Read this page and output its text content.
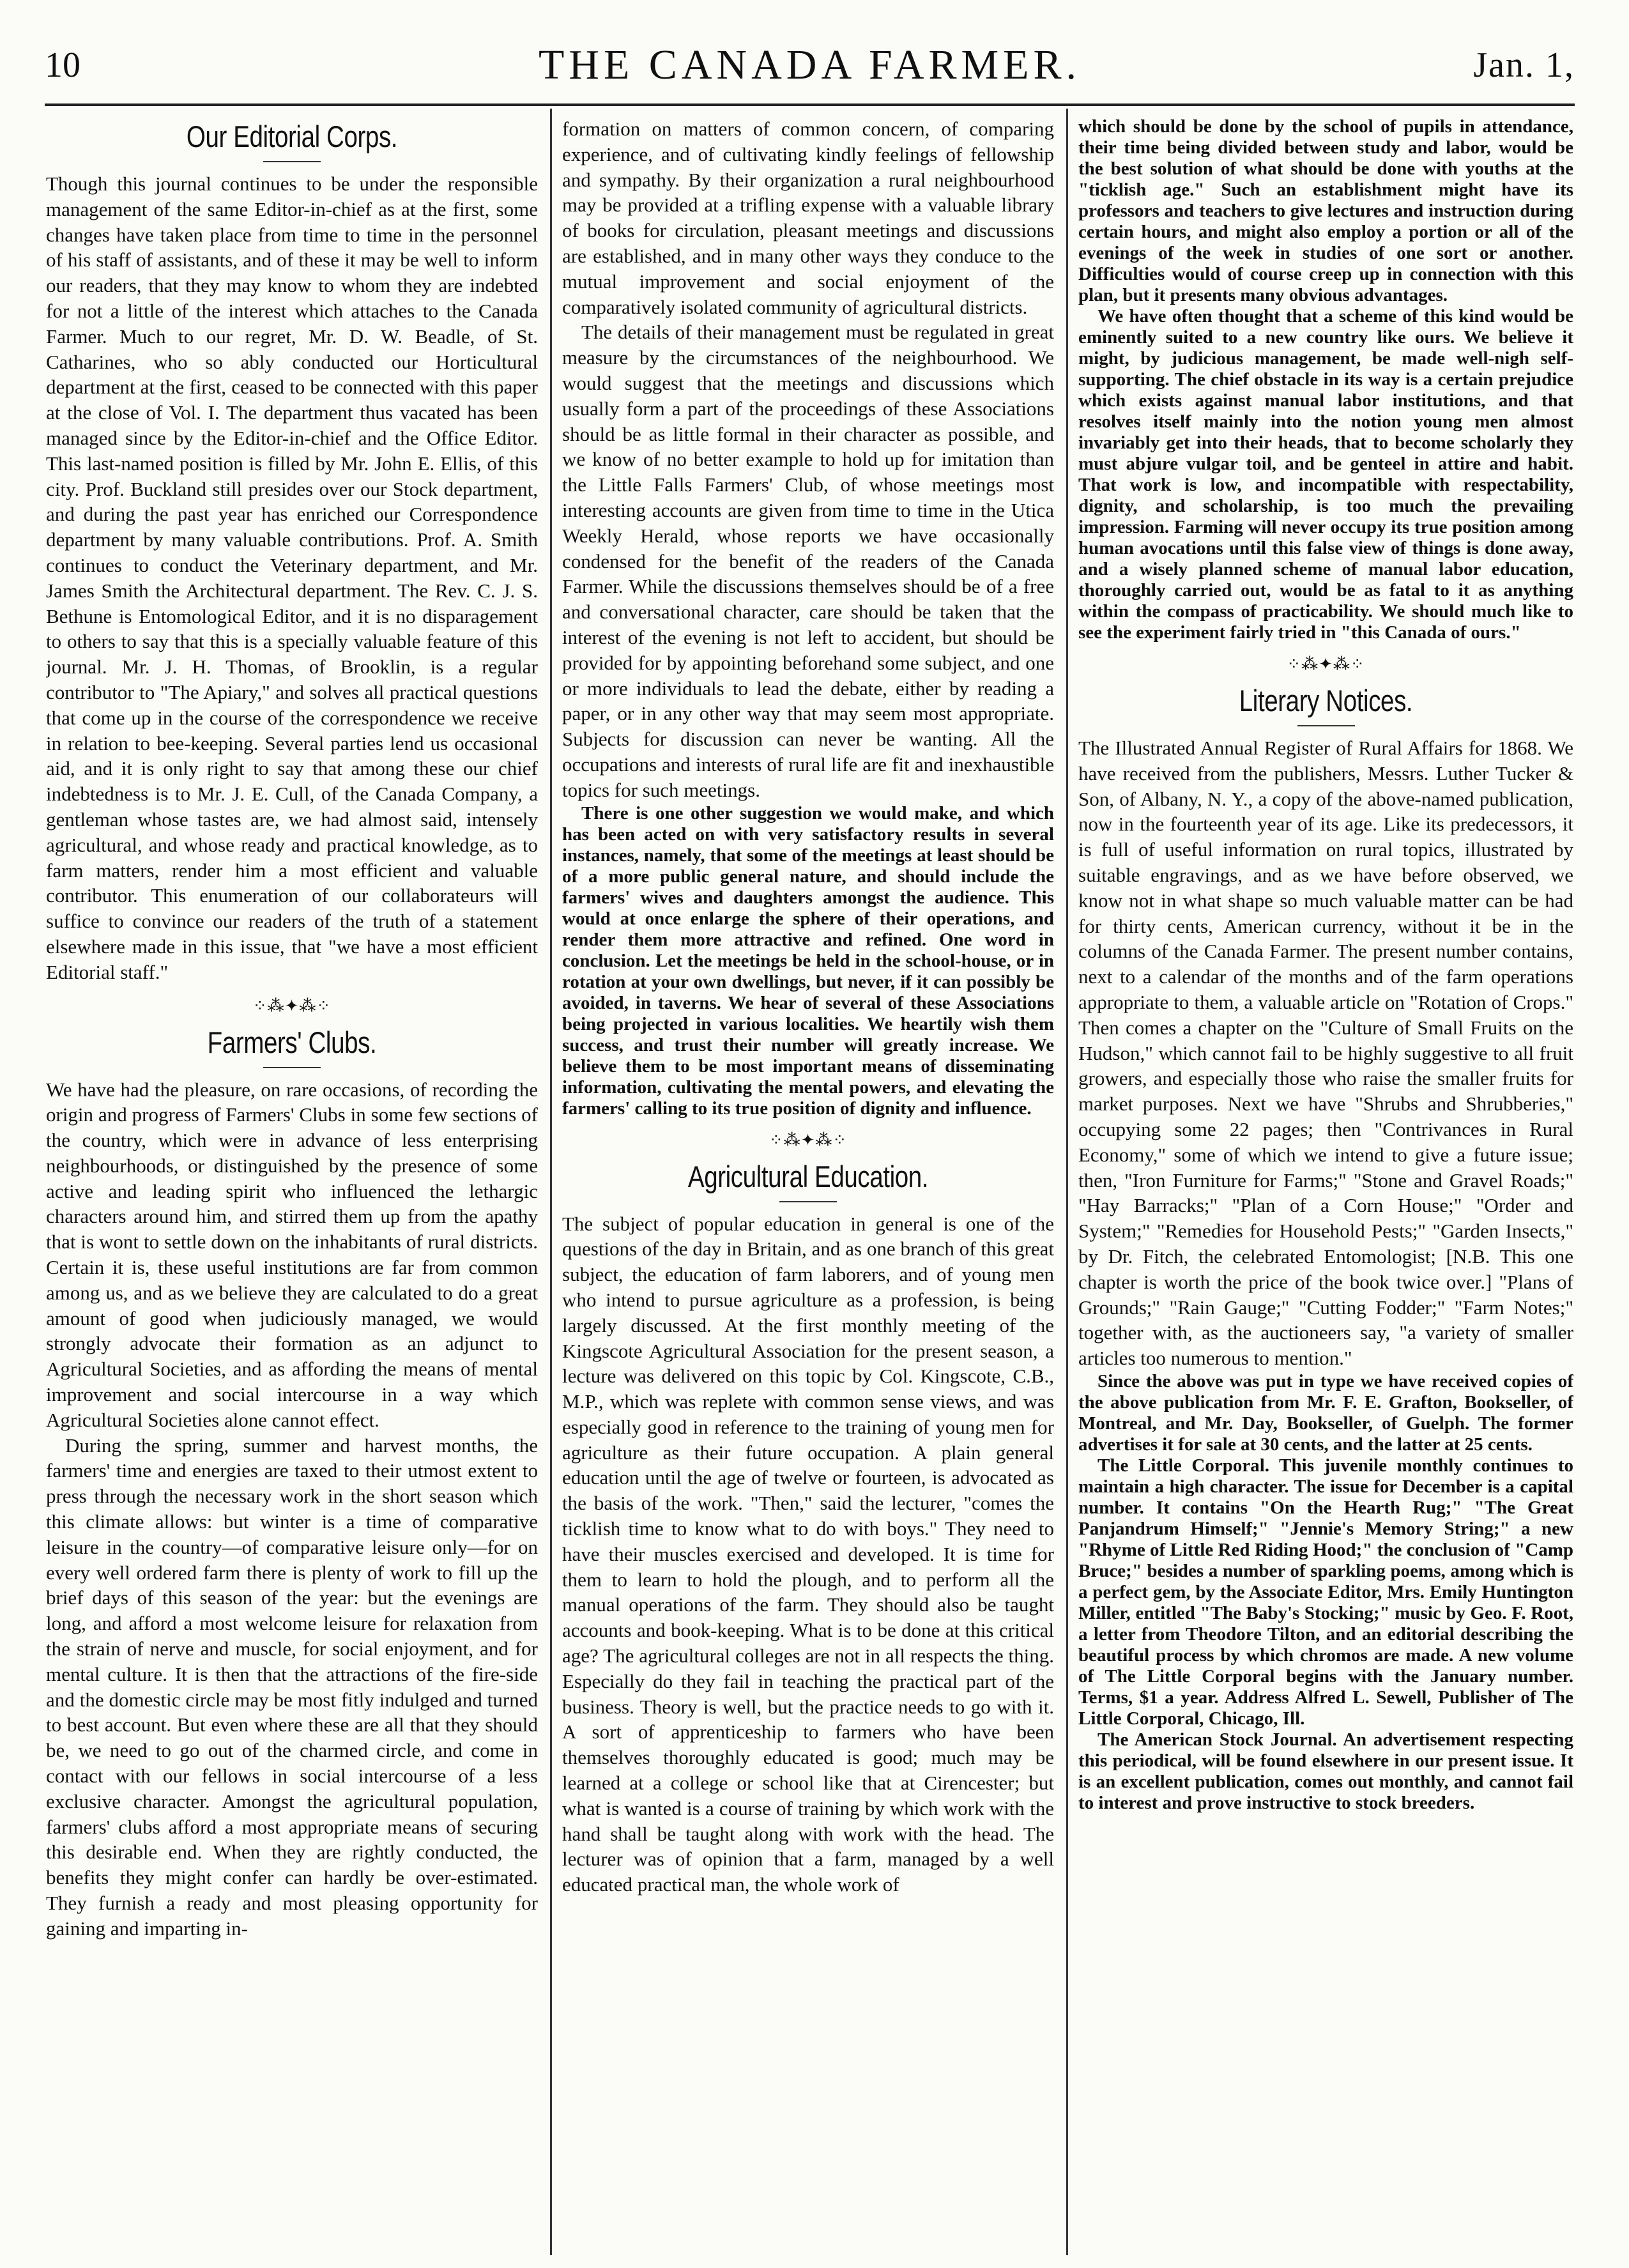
10	THE CANADA FARMER.	Jan. 1,
Our Editorial Corps.

Though this journal continues to be under the responsible management of the same Editor-in-chief as at the first, some changes have taken place from time to time in the personnel of his staff of assistants, and of these it may be well to inform our readers, that they may know to whom they are indebted for not a little of the interest which attaches to the Canada Farmer. Much to our regret, Mr. D. W. Beadle, of St. Catharines, who so ably conducted our Horticultural department at the first, ceased to be connected with this paper at the close of Vol. I. The department thus vacated has been managed since by the Editor-in-chief and the Office Editor. This last-named position is filled by Mr. John E. Ellis, of this city. Prof. Buckland still presides over our Stock department, and during the past year has enriched our Correspondence department by many valuable contributions. Prof. A. Smith continues to conduct the Veterinary department, and Mr. James Smith the Architectural department. The Rev. C. J. S. Bethune is Entomological Editor, and it is no disparagement to others to say that this is a specially valuable feature of this journal. Mr. J. H. Thomas, of Brooklin, is a regular contributor to "The Apiary," and solves all practical questions that come up in the course of the correspondence we receive in relation to bee-keeping. Several parties lend us occasional aid, and it is only right to say that among these our chief indebtedness is to Mr. J. E. Cull, of the Canada Company, a gentleman whose tastes are, we had almost said, intensely agricultural, and whose ready and practical knowledge, as to farm matters, render him a most efficient and valuable contributor. This enumeration of our collaborateurs will suffice to convince our readers of the truth of a statement elsewhere made in this issue, that "we have a most efficient Editorial staff."

⁘⁂✦⁂⁘
Farmers' Clubs.

We have had the pleasure, on rare occasions, of recording the origin and progress of Farmers' Clubs in some few sections of the country, which were in advance of less enterprising neighbourhoods, or distinguished by the presence of some active and leading spirit who influenced the lethargic characters around him, and stirred them up from the apathy that is wont to settle down on the inhabitants of rural districts. Certain it is, these useful institutions are far from common among us, and as we believe they are calculated to do a great amount of good when judiciously managed, we would strongly advocate their formation as an adjunct to Agricultural Societies, and as affording the means of mental improvement and social intercourse in a way which Agricultural Societies alone cannot effect.

During the spring, summer and harvest months, the farmers' time and energies are taxed to their utmost extent to press through the necessary work in the short season which this climate allows: but winter is a time of comparative leisure in the country—of comparative leisure only—for on every well ordered farm there is plenty of work to fill up the brief days of this season of the year: but the evenings are long, and afford a most welcome leisure for relaxation from the strain of nerve and muscle, for social enjoyment, and for mental culture. It is then that the attractions of the fire-side and the domestic circle may be most fitly indulged and turned to best account. But even where these are all that they should be, we need to go out of the charmed circle, and come in contact with our fellows in social intercourse of a less exclusive character. Amongst the agricultural population, farmers' clubs afford a most appropriate means of securing this desirable end. When they are rightly conducted, the benefits they might confer can hardly be over-estimated. They furnish a ready and most pleasing opportunity for gaining and imparting in-

formation on matters of common concern, of comparing experience, and of cultivating kindly feelings of fellowship and sympathy. By their organization a rural neighbourhood may be provided at a trifling expense with a valuable library of books for circulation, pleasant meetings and discussions are established, and in many other ways they conduce to the mutual improvement and social enjoyment of the comparatively isolated community of agricultural districts.

The details of their management must be regulated in great measure by the circumstances of the neighbourhood. We would suggest that the meetings and discussions which usually form a part of the proceedings of these Associations should be as little formal in their character as possible, and we know of no better example to hold up for imitation than the Little Falls Farmers' Club, of whose meetings most interesting accounts are given from time to time in the Utica Weekly Herald, whose reports we have occasionally condensed for the benefit of the readers of the Canada Farmer. While the discussions themselves should be of a free and conversational character, care should be taken that the interest of the evening is not left to accident, but should be provided for by appointing beforehand some subject, and one or more individuals to lead the debate, either by reading a paper, or in any other way that may seem most appropriate. Subjects for discussion can never be wanting. All the occupations and interests of rural life are fit and inexhaustible topics for such meetings.

There is one other suggestion we would make, and which has been acted on with very satisfactory results in several instances, namely, that some of the meetings at least should be of a more public general nature, and should include the farmers' wives and daughters amongst the audience. This would at once enlarge the sphere of their operations, and render them more attractive and refined. One word in conclusion. Let the meetings be held in the school-house, or in rotation at your own dwellings, but never, if it can possibly be avoided, in taverns. We hear of several of these Associations being projected in various localities. We heartily wish them success, and trust their number will greatly increase. We believe them to be most important means of disseminating information, cultivating the mental powers, and elevating the farmers' calling to its true position of dignity and influence.

⁘⁂✦⁂⁘
Agricultural Education.

The subject of popular education in general is one of the questions of the day in Britain, and as one branch of this great subject, the education of farm laborers, and of young men who intend to pursue agriculture as a profession, is being largely discussed. At the first monthly meeting of the Kingscote Agricultural Association for the present season, a lecture was delivered on this topic by Col. Kingscote, C.B., M.P., which was replete with common sense views, and was especially good in reference to the training of young men for agriculture as their future occupation. A plain general education until the age of twelve or fourteen, is advocated as the basis of the work. "Then," said the lecturer, "comes the ticklish time to know what to do with boys." They need to have their muscles exercised and developed. It is time for them to learn to hold the plough, and to perform all the manual operations of the farm. They should also be taught accounts and book-keeping. What is to be done at this critical age? The agricultural colleges are not in all respects the thing. Especially do they fail in teaching the practical part of the business. Theory is well, but the practice needs to go with it. A sort of apprenticeship to farmers who have been themselves thoroughly educated is good; much may be learned at a college or school like that at Cirencester; but what is wanted is a course of training by which work with the hand shall be taught along with work with the head. The lecturer was of opinion that a farm, managed by a well educated practical man, the whole work of

which should be done by the school of pupils in attendance, their time being divided between study and labor, would be the best solution of what should be done with youths at the "ticklish age." Such an establishment might have its professors and teachers to give lectures and instruction during certain hours, and might also employ a portion or all of the evenings of the week in studies of one sort or another. Difficulties would of course creep up in connection with this plan, but it presents many obvious advantages.

We have often thought that a scheme of this kind would be eminently suited to a new country like ours. We believe it might, by judicious management, be made well-nigh self-supporting. The chief obstacle in its way is a certain prejudice which exists against manual labor institutions, and that resolves itself mainly into the notion young men almost invariably get into their heads, that to become scholarly they must abjure vulgar toil, and be genteel in attire and habit. That work is low, and incompatible with respectability, dignity, and scholarship, is too much the prevailing impression. Farming will never occupy its true position among human avocations until this false view of things is done away, and a wisely planned scheme of manual labor education, thoroughly carried out, would be as fatal to it as anything within the compass of practicability. We should much like to see the experiment fairly tried in "this Canada of ours."

⁘⁂✦⁂⁘
Literary Notices.

The Illustrated Annual Register of Rural Affairs for 1868. We have received from the publishers, Messrs. Luther Tucker & Son, of Albany, N. Y., a copy of the above-named publication, now in the fourteenth year of its age. Like its predecessors, it is full of useful information on rural topics, illustrated by suitable engravings, and as we have before observed, we know not in what shape so much valuable matter can be had for thirty cents, American currency, without it be in the columns of the Canada Farmer. The present number contains, next to a calendar of the months and of the farm operations appropriate to them, a valuable article on "Rotation of Crops." Then comes a chapter on the "Culture of Small Fruits on the Hudson," which cannot fail to be highly suggestive to all fruit growers, and especially those who raise the smaller fruits for market purposes. Next we have "Shrubs and Shrubberies," occupying some 22 pages; then "Contrivances in Rural Economy," some of which we intend to give a future issue; then, "Iron Furniture for Farms;" "Stone and Gravel Roads;" "Hay Barracks;" "Plan of a Corn House;" "Order and System;" "Remedies for Household Pests;" "Garden Insects," by Dr. Fitch, the celebrated Entomologist; [N.B. This one chapter is worth the price of the book twice over.] "Plans of Grounds;" "Rain Gauge;" "Cutting Fodder;" "Farm Notes;" together with, as the auctioneers say, "a variety of smaller articles too numerous to mention."

Since the above was put in type we have received copies of the above publication from Mr. F. E. Grafton, Bookseller, of Montreal, and Mr. Day, Bookseller, of Guelph. The former advertises it for sale at 30 cents, and the latter at 25 cents.

The Little Corporal. This juvenile monthly continues to maintain a high character. The issue for December is a capital number. It contains "On the Hearth Rug;" "The Great Panjandrum Himself;" "Jennie's Memory String;" a new "Rhyme of Little Red Riding Hood;" the conclusion of "Camp Bruce;" besides a number of sparkling poems, among which is a perfect gem, by the Associate Editor, Mrs. Emily Huntington Miller, entitled "The Baby's Stocking;" music by Geo. F. Root, a letter from Theodore Tilton, and an editorial describing the beautiful process by which chromos are made. A new volume of The Little Corporal begins with the January number. Terms, $1 a year. Address Alfred L. Sewell, Publisher of The Little Corporal, Chicago, Ill.

The American Stock Journal. An advertisement respecting this periodical, will be found elsewhere in our present issue. It is an excellent publication, comes out monthly, and cannot fail to interest and prove instructive to stock breeders.
